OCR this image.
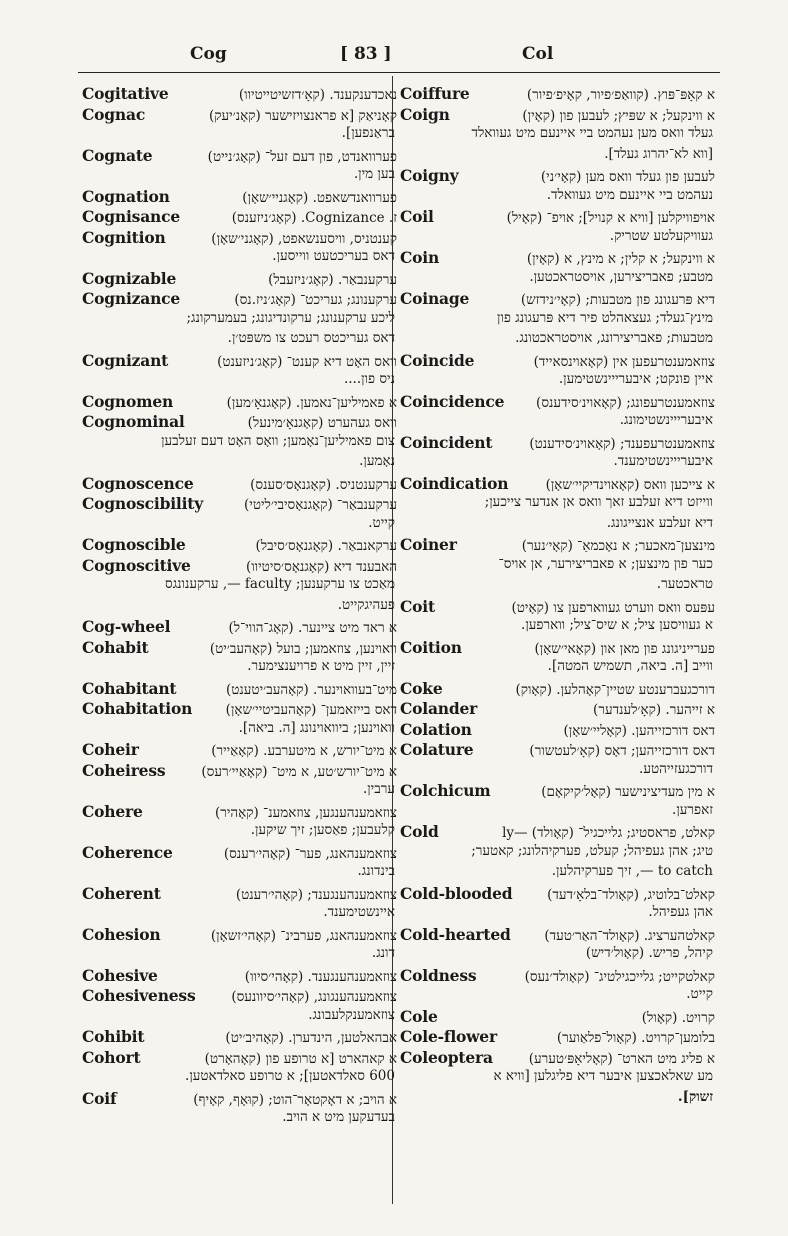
Cog	[ 83 ]	Col
Cogitative	נאכדענקענד. (קאָ׳דזשיטייטיוו)
Cognac	קאָניאַק [א פראנצויזישער (קאָנ׳יעק)
בראַנפען].
Cognate	פערוואנדט, פון דעם זעל־ (קאָג׳נייט)
בען מין.
Cognation	פערוואנדשאפט. (קאָגניי׳שאָן)
Cognisance	ז. Cognizance. (קאָג׳ניזענס)
Cognition	קענטניס, וויסענשאפט, (קאָגני׳שאָן)
דאס בעריכטעט ווייסען.
Cognizable	ערקענבאַר. (קאָג׳ניזעבל)
Cognizance	ערקענונג; געריכט־ (קאָג׳ניז.נס)
ליכע ערקענונג; ערקונדיגונג; בעמערקונג;
דאס געריכטס רעכט צו משפּט׳ן.
Cognizant	וואס האָט דיא קענט־ (קאָג׳ניזענט)
ניס פון....
Cognomen	א פאמיליען־נאמען. (קאָגנאָ׳מען)
Cognominal	וואס געהערט (קאָגנאָ׳מינעל)
צום פאמיליען־נאָמען; וואָס האָט דעם זעלבען
נאָמען.
Cognoscence	ערקענטניס. (קאָגנאָס׳סענס)
Cognoscibility	ערקענבאַר־ (קאָגנאָסיבי׳ליטי)
קייט.
Cognoscible	ערקאנבאַר. (קאָגנאָס׳סיבל)
Cognoscitive	האבענד דיא (קאָגנאָס׳סיטיוו)
מאַכט צו ערקענען; faculty —, ערקענונגס
פעהיגקייט.
Cog-wheel	א ראד מיט ציינער. (קאָג־הווי־ל)
Cohabit	וואוינען, צוזאמען; בועל (קאָהעב׳יט)
זיין, זיין מיט א פרויענצימער.
Cohabitant	מיט־בעוואוינער. (קאָהעב׳יטענט)
Cohabitation דאס בייזאמען־ (קאָהעביטיי׳שאָן)
וואוינען; ביוואוינונג [ה. ביאה].
Coheir	א מיט־יורש, א מיטערבע. (קאָאַייר)
Coheiress	א מיט־יורש׳טע, א מיט־ (קאָאַיי׳רעס)
ערבין.
Cohere	צוזאמענהענגען, צוזאמענ־ (קאָהיר)
קלעבען; פאַסען; זיך שיקען.
Coherence	צוזאמענהאנג, פער־ (קאָהי׳רענס)
בינדונג.
Coherent	צוזאמענהענגענד; (קאָהי׳רענט)
איינשטימענד.
Cohesion	צוזאמענהאנג, פערבינ־ (קאָהי׳זשאָן)
דונג.
Cohesive	צוזאמענהענגענד. (קאָהי׳סיוו)
Cohesiveness	צוזאמענהענגונג, (קאָהי׳סיוונעס)
צוזאמענקלעבונג.
Cohibit	אבהאלטען, הינדערן. (קאָהיב׳יט)
Cohort	א קאהארט [א טרופע פון (קאָהאָרט)
600 סאלדאטען]; א טרופע סאלדאטען.
Coif	א הויב; א דאָקטאָר־הוט; (קוּאָף, קאָיף)
בעדעקען מיט א הויב.
Coiffure	א קאָפּ־פּוץ. (קוואַפ׳פיור, קאָיפ׳פיור)
Coign	א ווינקעל; א שפּיץ; לעבען פון (קאָין)
געלד וואס מען נעהמט ביי איינעם מיט געוואלד
[ווא לא־יהרוג געלד].
Coigny	לעבען פון געלד וואס מען (קאָי׳ני)
נעהמט ביי איינעם מיט געוואלד.
Coil	אויפוויקלען [וויא א קנויל]; אויפ־ (קאָיל)
געוויקעלטע שטריק.
Coin	א ווינקעל; א קלין; א מינץ, א (קאָין)
מטבע; פאבריצירען, אויסטראכטען.
Coinage	דיא פּרעגונג פון מטבעות; (קאָי׳נידזש)
מינץ־געלד; געצאהלט פיר דיא פּרעגונג פון
מטבעות; פאבריצירונג, אויסטראכטונג.
Coincide	צוזאמענטרעפען אין (קאָאוינסאייד)
איין פונקט; איבערייינשטימען.
Coincidence צוזאמענטרעפונג; (קאָאוינ׳סידענס)
איבערייינשטימונג.
Coincident	צוזאמענטרעפענד; (קאָאוינ׳סידענט)
איבערייינשטימענד.
Coindication	א צייכען וואס (קאָאוינדיקיי׳שאָן)
ווייזט דיא זעלבע זאך וואס אן אנדער צייכען;
דיא זעלבע אנצייגונג.
Coiner	מינצען־מאכער; א נאָכמאַ־ (קאָי׳נער)
כער פון מינצען; א פאבריצירער, אן אויס־
טראכטער.
Coit	עפּעס וואס ווערט געווארפען צו (קאָיט)
א געוויסען ציל; א שיס־ציל; ווארפען.
Coition	פערייניגונג פון מאן און (קאָאי׳שאָן)
ווייב [ה. ביאה, תשמיש המטה].
Coke	דורכגעברענטע שטיין־קאָהלען. (קאָוק)
Colander	א זייהער. (קאָ׳לענדער)
Colation	דאס דורכזייהען. (קאָליי׳שאָן)
Colature	דאס דורכזייהען; דאָס (קאָ׳לעטשור)
דורכגעזייהטע.
Colchicum	א מין מעדיצינישער (קאָל׳קיקאָם)
זאפרען.
Cold	קאלט, פראסטיג; גלייכגיל־ (קאָולד) —ly
טיג; אהן געפיהל; קעלט, פערקיהלונג; קאטער;
to catch —, זיך פערקיהלען.
Cold-blooded	קאלט־בלוטיג, (קאָולד־בלאָ׳דעד)
אהן געפיהל.
Cold-hearted קאלטהערציג. (קאָולד־האַר׳טעד)
קיהל, פריש. (קאָול׳דיש)
Coldness	קאלטקייט; גלייכגילטיג־ (קאָולד׳נעס)
קייט.
Cole	קרויט. (קאָול)
Cole-flower	בלומען־קרויט. (קאָול־פלאַוער)
Coleoptera	א פליג מיט הארט־ (קאָליאָפּ׳טערע)
מע שאלאכצען איבער דיא פליגלען [וויא א
זשוק].
